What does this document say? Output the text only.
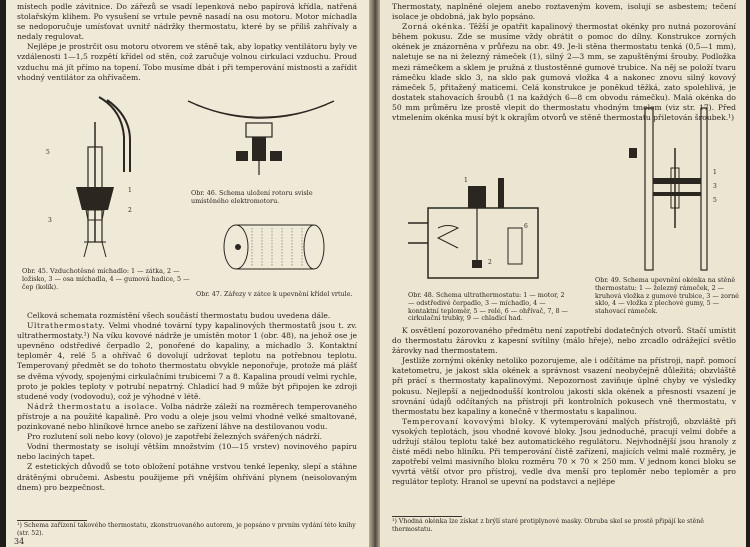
místech podle závitnice. Do zářezů se vsadí lepenková nebo papírová křídla, natřená stolařským klihem. Po vysušení se vrtule pevně nasadí na osu motoru. Motor míchadla se nedoporučuje umísťovat uvnitř nádržky thermostatu, které by se příliš zahřívaly a nedaly regulovat.

Nejlépe je prostrčit osu motoru otvorem ve stěně tak, aby lopatky ventilátoru byly ve vzdálenosti 1—1,5 rozpětí křídel od stěn, což zaručuje volnou cirkulaci vzduchu. Proud vzduchu má jít přímo na topení. Tobo musíme dbát i při temperování mistnosti a zařídit vhodný ventilátor za ohřívačem.

5
1
2
3
Obr. 46. Schema uložení rotoru svisle umístěného elektromotoru.
Obr. 45. Vzduchotěsné míchadlo: 1 — zátka, 2 — ložisko, 3 — osa míchadla, 4 — gumová hadice, 5 — čep (kolík).
Obr. 47. Zářezy v zátce k upevnění křídel vrtule.

Celková schemata rozmístění všech součástí thermostatu budou uvedena dále.

Ultrathermostaty. Velmi vhodné tovární typy kapalinových thermostatů jsou t. zv. ultrathermostaty.¹) Na víku kovové nádrže je umístěn motor 1 (obr. 48), na jehož ose je upevněno odstředivé čerpadlo 2, ponořené do kapaliny, a míchadlo 3. Kontaktní teploměr 4, relé 5 a ohřívač 6 dovolují udržovat teplotu na potřebnou teplotu. Temperovaný předmět se do tohoto thermostatu obvykle neponořuje, protože má plášť se dvěma vývody, spojenými cirkulačními trubicemi 7 a 8. Kapalina proudí velmi rychle, proto je pokles teploty v potrubí nepatrný. Chladicí had 9 může být připojen ke zdroji studené vody (vodovodu), což je výhodné v létě.

Nádrž thermostatu a isolace. Volba nádrže záleží na rozměrech temperovaného přístroje a na použité kapalině. Pro vodu a oleje jsou velmi vhodné velké smaltované, pozinkované nebo hliníkové hrnce anebo se zařízení láhve na destilovanou vodu.

Pro rozlutení soli nebo kovy (olovo) je zapotřebí železných svářených nádrží.

Vodní thermostaty se isolují větším množstvím (10—15 vrstev) novinového papíru nebo laciných tapet.

Z estetických důvodů se toto obložení potáhne vrstvou tenké lepenky, slepí a stáhne drátěnými obručemi. Asbestu použijeme při vnějším ohřívání plynem (neisolovaným dnem) pro bezpečnost.

¹) Schema zařízení takového thermostatu, zkonstruovaného autorem, je popsáno v prvním vydání této knihy (str. 52).
34

Thermostaty, naplněné olejem anebo roztaveným kovem, isolují se asbestem; tečení isolace je obdobná, jak bylo popsáno.

Zorná okénka. Těžší je opatřit kapalinový thermostat okénky pro nutná pozorování během pokusu. Zde se musíme vždy obrátit o pomoc do dílny. Konstrukce zorných okének je znázorněna v průřezu na obr. 49. Je-li stěna thermostatu tenká (0,5—1 mm), naletuje se na ni železný rámeček (1), silný 2—3 mm, se zapuštěnými šrouby. Podložka mezi rámečkem a sklem je pružná z tlustostěnné gumové trubice. Na něj se položí tvaru rámečku klade sklo 3, na sklo pak gumová vložka 4 a nakonec znovu silný kovový rámeček 5, přitažený maticemi. Celá konstrukce je poněkud těžká, zato spolehlivá, je dostatek stahovacích šroubů (1 na každých 6—8 cm obvodu rámečku). Malá okénka do 50 mm průměru lze prostě vlepit do thermostatu vhodným tmelem (viz str. 17). Před vtmelením okénka musí být k okrajům otvorů ve stěně thermostatu přiletován šroubek.¹)

1
2
6
Obr. 48. Schema ultrathermostatu: 1 — motor, 2 — odstředivé čerpadlo, 3 — míchadlo, 4 — kontaktní teploměr, 5 — relé, 6 — ohřívač, 7, 8 — cirkulační trubky, 9 — chladicí had.
1
3
5
Obr. 49. Schema upevnění okénka na stěně thermostatu: 1 — železný rámeček, 2 — kruhová vložka z gumové trubice, 3 — zorné sklo, 4 — vložka z plechové gumy, 5 — stahovací rámeček.

K osvětlení pozorovaného předmětu není zapotřebí dodatečných otvorů. Stačí umístit do thermostatu žárovku z kapesní svítilny (málo hřeje), nebo zrcadlo odrážející světlo žárovky nad thermostatem.

Jestliže zornými okénky netolikо pozorujeme, ale i odčítáme na přístroji, např. pomocí katetometru, je jakost skla okének a správnost vsazení neobyčejně důležitá; obzvláště při prácí s thermostaty kapalinovými. Nepozornost zaviňuje úplné chyby ve výsledky pokusu. Nejlepší a nejjednodušší kontrolou jakosti skla okének a přesnosti vsazení je srovnání údajů odčítaných na přístroji při kontrolních pokusech vně thermostatu, v thermostatu bez kapaliny a konečně v thermostatu s kapalinou.

Temperovaní kovovými bloky. K vytemperování malých přístrojů, obzvláště při vysokých teplotách, jsou vhodné kovové bloky. Jsou jednoduché, pracují velmi dobře a udržují stálou teplotu také bez automatického regulátoru. Nejvhodnější jsou hranoly z čisté mědi nebo hliníku. Při temperování čistě zařízení, majících velmi malé rozměry, je zapotřebí velmi masivního bloku rozměru 70 × 70 × 250 mm. V jednom konci bloku se vyvrtá větší otvor pro přístroj, vedle dva menší pro teploměr nebo teploměr a pro regulátor teploty. Hranol se upevní na podstavci a nejlépe

¹) Vhodná okénka lze získat z brýlí staré protiplynové masky. Obruba skel se prostě připájí ke stěně thermostatu.
